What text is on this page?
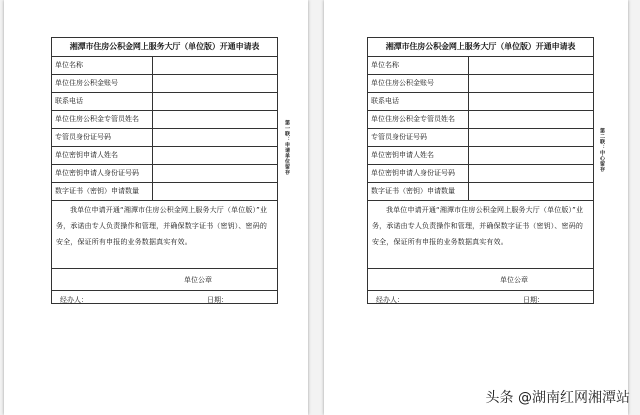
湘潭市住房公积金网上服务大厅（单位版）开通申请表
单位名称
单位住房公积金账号
联系电话
单位住房公积金专管员姓名
专管员身份证号码
单位密钥申请人姓名
单位密钥申请人身份证号码
数字证书（密钥）申请数量

我单位申请开通“湘潭市住房公积金网上服务大厅（单位版）”业务，承诺由专人负责操作和管理，并确保数字证书（密钥）、密码的安全，保证所有申报的业务数据真实有效。

单位公章
经办人：	日期：
第一联：申请单位留存
湘潭市住房公积金网上服务大厅（单位版）开通申请表
单位名称
单位住房公积金账号
联系电话
单位住房公积金专管员姓名
专管员身份证号码
单位密钥申请人姓名
单位密钥申请人身份证号码
数字证书（密钥）申请数量

我单位申请开通“湘潭市住房公积金网上服务大厅（单位版）”业务，承诺由专人负责操作和管理，并确保数字证书（密钥）、密码的安全，保证所有申报的业务数据真实有效。

单位公章
经办人：	日期：
第二联：中心留存
头条 @湖南红网湘潭站
